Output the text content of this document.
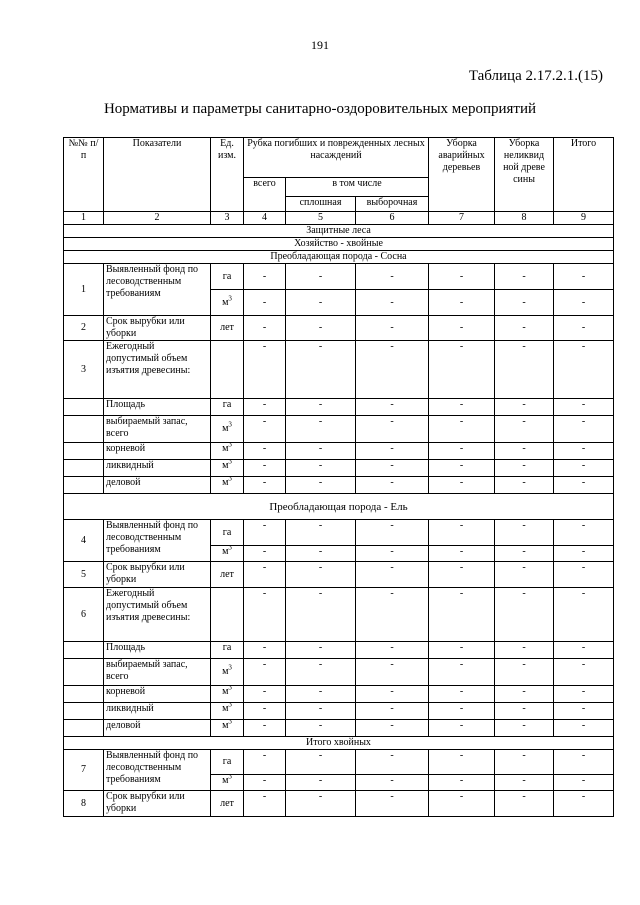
191
Таблица 2.17.2.1.(15)
Нормативы и параметры санитарно-оздоровительных мероприятий
№№ п/п	Показатели	Ед. изм.	Рубка погибших и поврежденных лесных насаждений			Уборка аварийных деревьев	Уборка неликвид ной древе сины	Итого
			всего	в том числе				
				сплошная	выборочная			
1	2	3	4	5	6	7	8	9
Защитные леса								
Хозяйство - хвойные								
Преобладающая порода - Сосна								
1	Выявленный фонд по лесоводственным требованиям	га	-	-	-	-	-	-
		$м^3$	-	-	-	-	-	-
2	Срок вырубки или уборки	лет	-	-	-	-	-	-
3	Ежегодный допустимый объем изъятия древесины:		-	-	-	-	-	-
	Площадь	га	-	-	-	-	-	-
	выбираемый запас, всего	$м^3$	-	-	-	-	-	-
	корневой	$м^3$	-	-	-	-	-	-
	ликвидный	$м^3$	-	-	-	-	-	-
	деловой	$м^3$	-	-	-	-	-	-
Преобладающая порода - Ель								
4	Выявленный фонд по лесоводственным требованиям	га	-	-	-	-	-	-
		$м^3$	-	-	-	-	-	-
5	Срок вырубки или уборки	лет	-	-	-	-	-	-
6	Ежегодный допустимый объем изъятия древесины:		-	-	-	-	-	-
	Площадь	га	-	-	-	-	-	-
	выбираемый запас, всего	$м^3$	-	-	-	-	-	-
	корневой	$м^3$	-	-	-	-	-	-
	ликвидный	$м^3$	-	-	-	-	-	-
	деловой	$м^3$	-	-	-	-	-	-
Итого хвойных								
7	Выявленный фонд по лесоводственным требованиям	га	-	-	-	-	-	-
		$м^3$	-	-	-	-	-	-
8	Срок вырубки или уборки	лет	-	-	-	-	-	-
